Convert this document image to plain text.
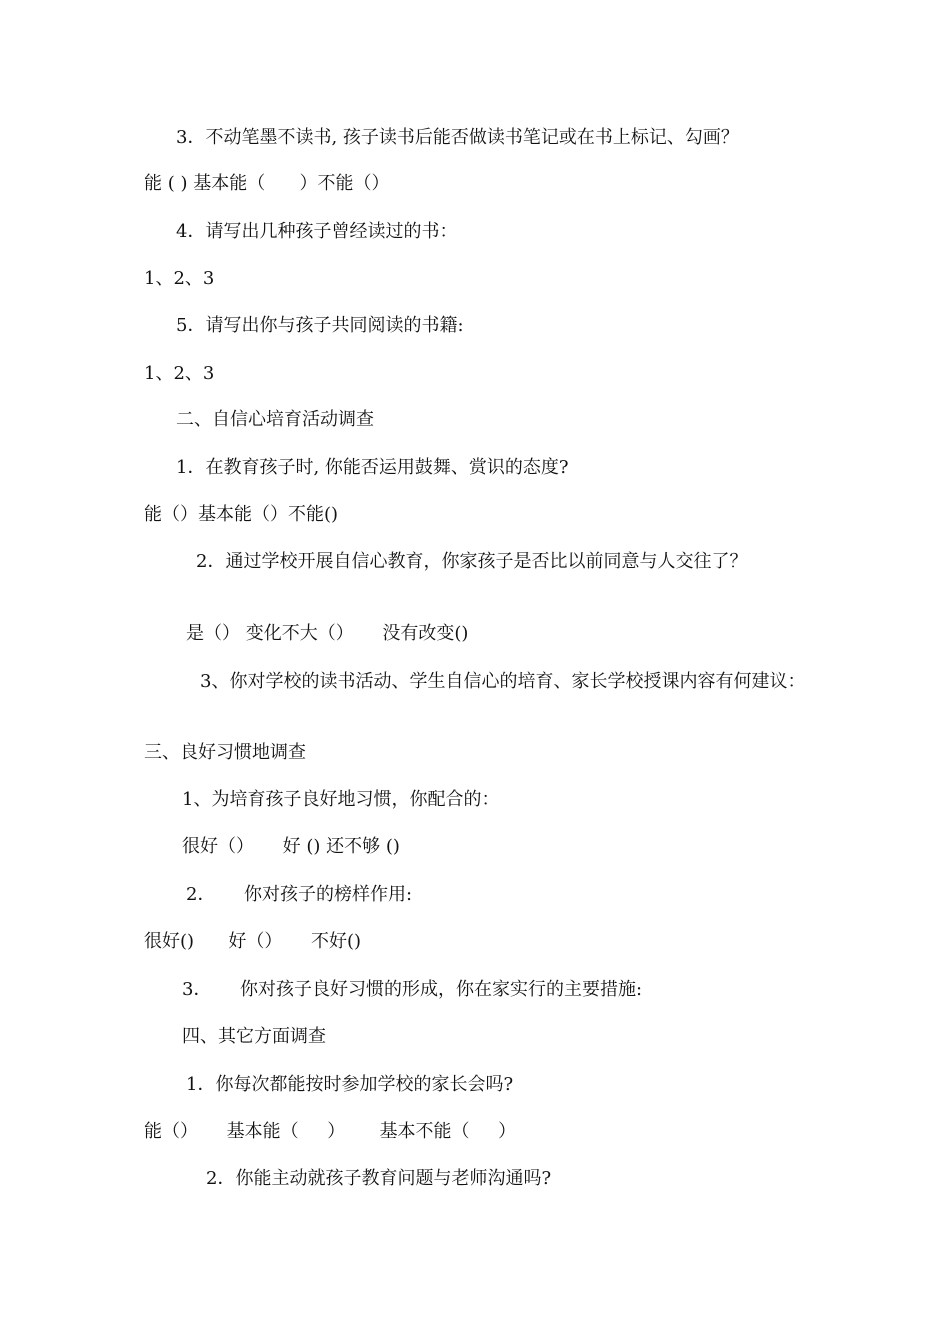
3．不动笔墨不读书, 孩子读书后能否做读书笔记或在书上标记、勾画？

能 ( ) 基本能（      ）不能（）

4．请写出几种孩子曾经读过的书：

1、2、3

5．请写出你与孩子共同阅读的书籍:

1、2、3

二、自信心培育活动调查

1．在教育孩子时, 你能否运用鼓舞、赏识的态度?

能（）基本能（）不能()

2．通过学校开展自信心教育，你家孩子是否比以前同意与人交往了？

是（） 变化不大（）     没有改变()

3、你对学校的读书活动、学生自信心的培育、家长学校授课内容有何建议：

三、良好习惯地调查

1、为培育孩子良好地习惯，你配合的：

很好（）     好 () 还不够 ()

2．     你对孩子的榜样作用:

很好()      好（）     不好()

3．     你对孩子良好习惯的形成，你在家实行的主要措施:

四、其它方面调查

1．你每次都能按时参加学校的家长会吗?

能（）     基本能（     ）      基本不能（     ）

2．你能主动就孩子教育问题与老师沟通吗?
